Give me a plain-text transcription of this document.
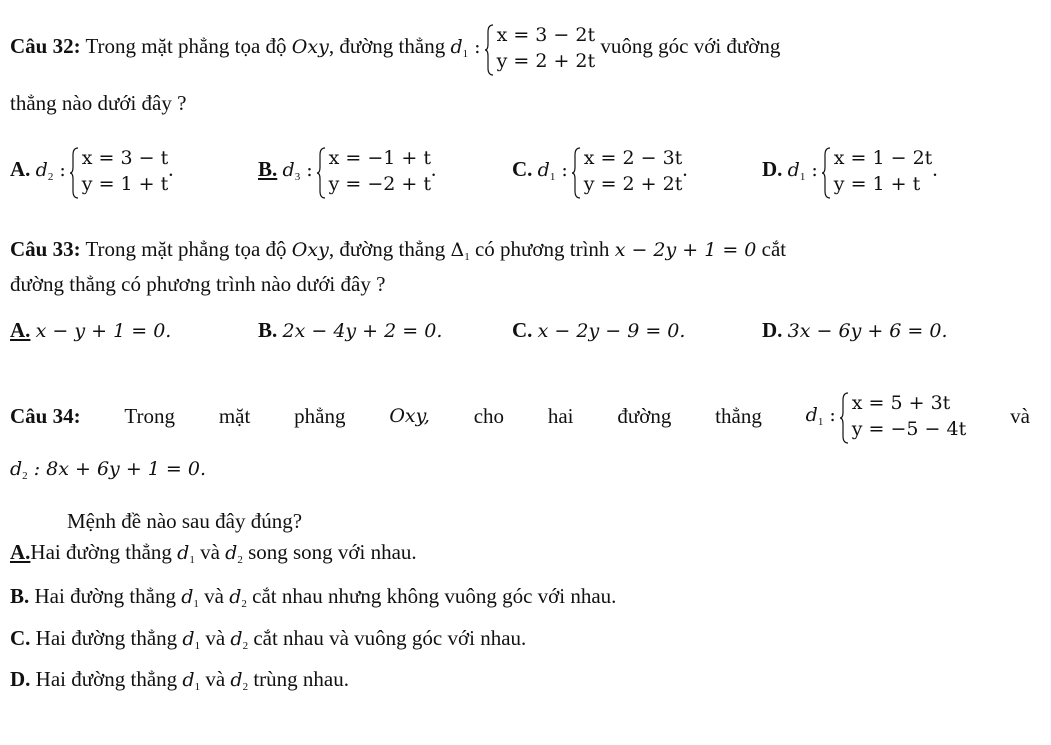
Câu 32: Trong mặt phẳng tọa độ Oxy, đường thẳng $d_1$ :
x = 3 − 2t
y = 2 + 2t
vuông góc với đường
thẳng nào dưới đây ?
A. $d_2$ :
x = 3 − t
y = 1 + t
.	B. $d_3$ :
x = −1 + t
y = −2 + t
.	C. $d_1$ :
x = 2 − 3t
y = 2 + 2t
.	D. $d_1$ :
x = 1 − 2t
y = 1 + t
.
Câu 33: Trong mặt phẳng tọa độ Oxy, đường thẳng $\Delta_1$ có phương trình x − 2y + 1 = 0 cắt
đường thẳng có phương trình nào dưới đây ?
A. x − y + 1 = 0.	B. 2x − 4y + 2 = 0.	C. x − 2y − 9 = 0.	D. 3x − 6y + 6 = 0.
Câu 34: Trong mặt phẳng Oxy, cho hai đường thẳng $d_1$ :
x = 5 + 3t
y = −5 − 4t
và
$d_2$ : 8x + 6y + 1 = 0.
Mệnh đề nào sau đây đúng?
A.Hai đường thẳng $d_1$ và $d_2$ song song với nhau.
B. Hai đường thẳng $d_1$ và $d_2$ cắt nhau nhưng không vuông góc với nhau.
C. Hai đường thẳng $d_1$ và $d_2$ cắt nhau và vuông góc với nhau.
D. Hai đường thẳng $d_1$ và $d_2$ trùng nhau.
